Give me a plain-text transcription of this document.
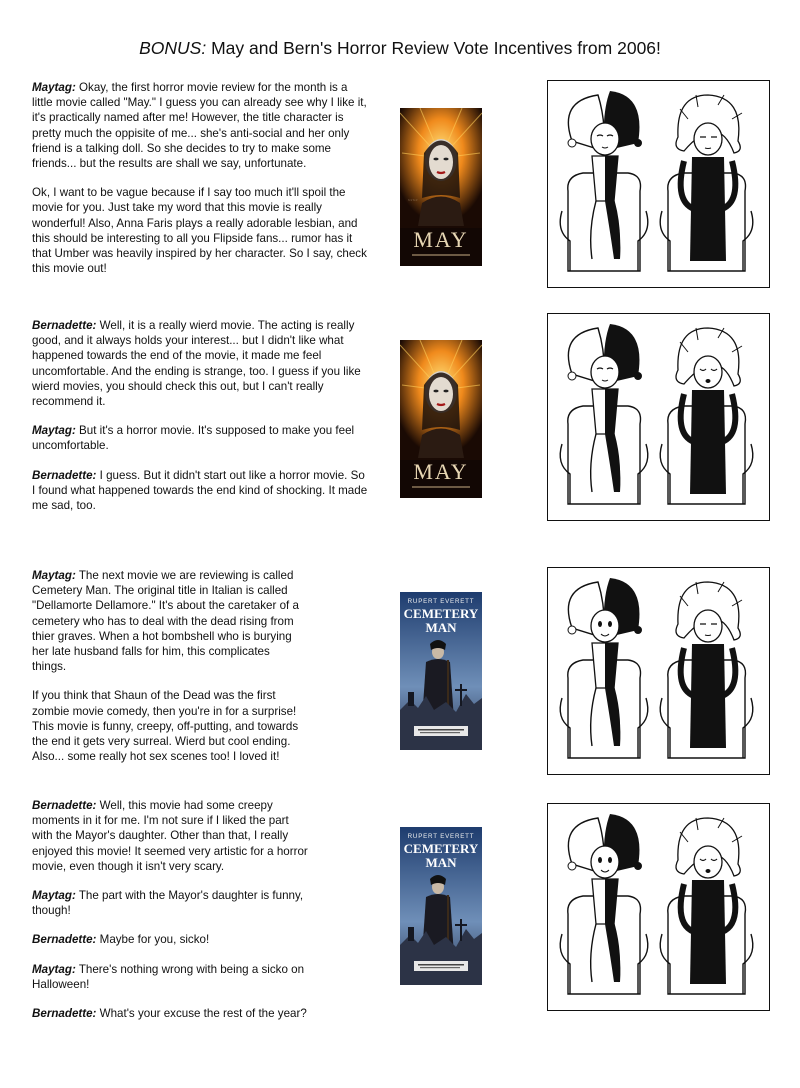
BONUS: May and Bern's Horror Review Vote Incentives from 2006!

Maytag: Okay, the first horror movie review for the month is a little movie called "May." I guess you can already see why I like it, it's practically named after me! However, the title character is pretty much the oppisite of me... she's anti-social and her only friend is a talking doll. So she decides to try to make some friends... but the results are shall we say, unfortunate.

Ok, I want to be vague because if I say too much it'll spoil the movie for you. Just take my word that this movie is really wonderful! Also, Anna Faris plays a really adorable lesbian, and this should be interesting to all you Flipside fans... rumor has it that Umber was heavily inspired by her character. So I say, check this movie out!

Bernadette: Well, it is a really wierd movie. The acting is really good, and it always holds your interest... but I didn't like what happened towards the end of the movie, it made me feel uncomfortable. And the ending is strange, too. I guess if you like wierd movies, you should check this out, but I can't really recommend it.

Maytag: But it's a horror movie. It's supposed to make you feel uncomfortable.

Bernadette: I guess. But it didn't start out like a horror movie. So I found what happened towards the end kind of shocking. It made me sad, too.

Maytag: The next movie we are reviewing is called Cemetery Man. The original title in Italian is called "Dellamorte Dellamore." It's about the caretaker of a cemetery who has to deal with the dead rising from thier graves. When a hot bombshell who is burying her late husband falls for him, this complicates things.

If you think that Shaun of the Dead was the first zombie movie comedy, then you're in for a surprise! This movie is funny, creepy, off-putting, and towards the end it gets very surreal. Wierd but cool ending. Also... some really hot sex scenes too! I loved it!

Bernadette: Well, this movie had some creepy moments in it for me. I'm not sure if I liked the part with the Mayor's daughter. Other than that, I really enjoyed this movie! It seemed very artistic for a horror movie, even though it isn't very scary.

Maytag: The part with the Mayor's daughter is funny, though!

Bernadette: Maybe for you, sicko!

Maytag: There's nothing wrong with being a sicko on Halloween!

Bernadette: What's your excuse the rest of the year?

~ ~ ~ ~
MAY
MAY
RUPERT EVERETT
CEMETERY
MAN
RUPERT EVERETT
CEMETERY
MAN
